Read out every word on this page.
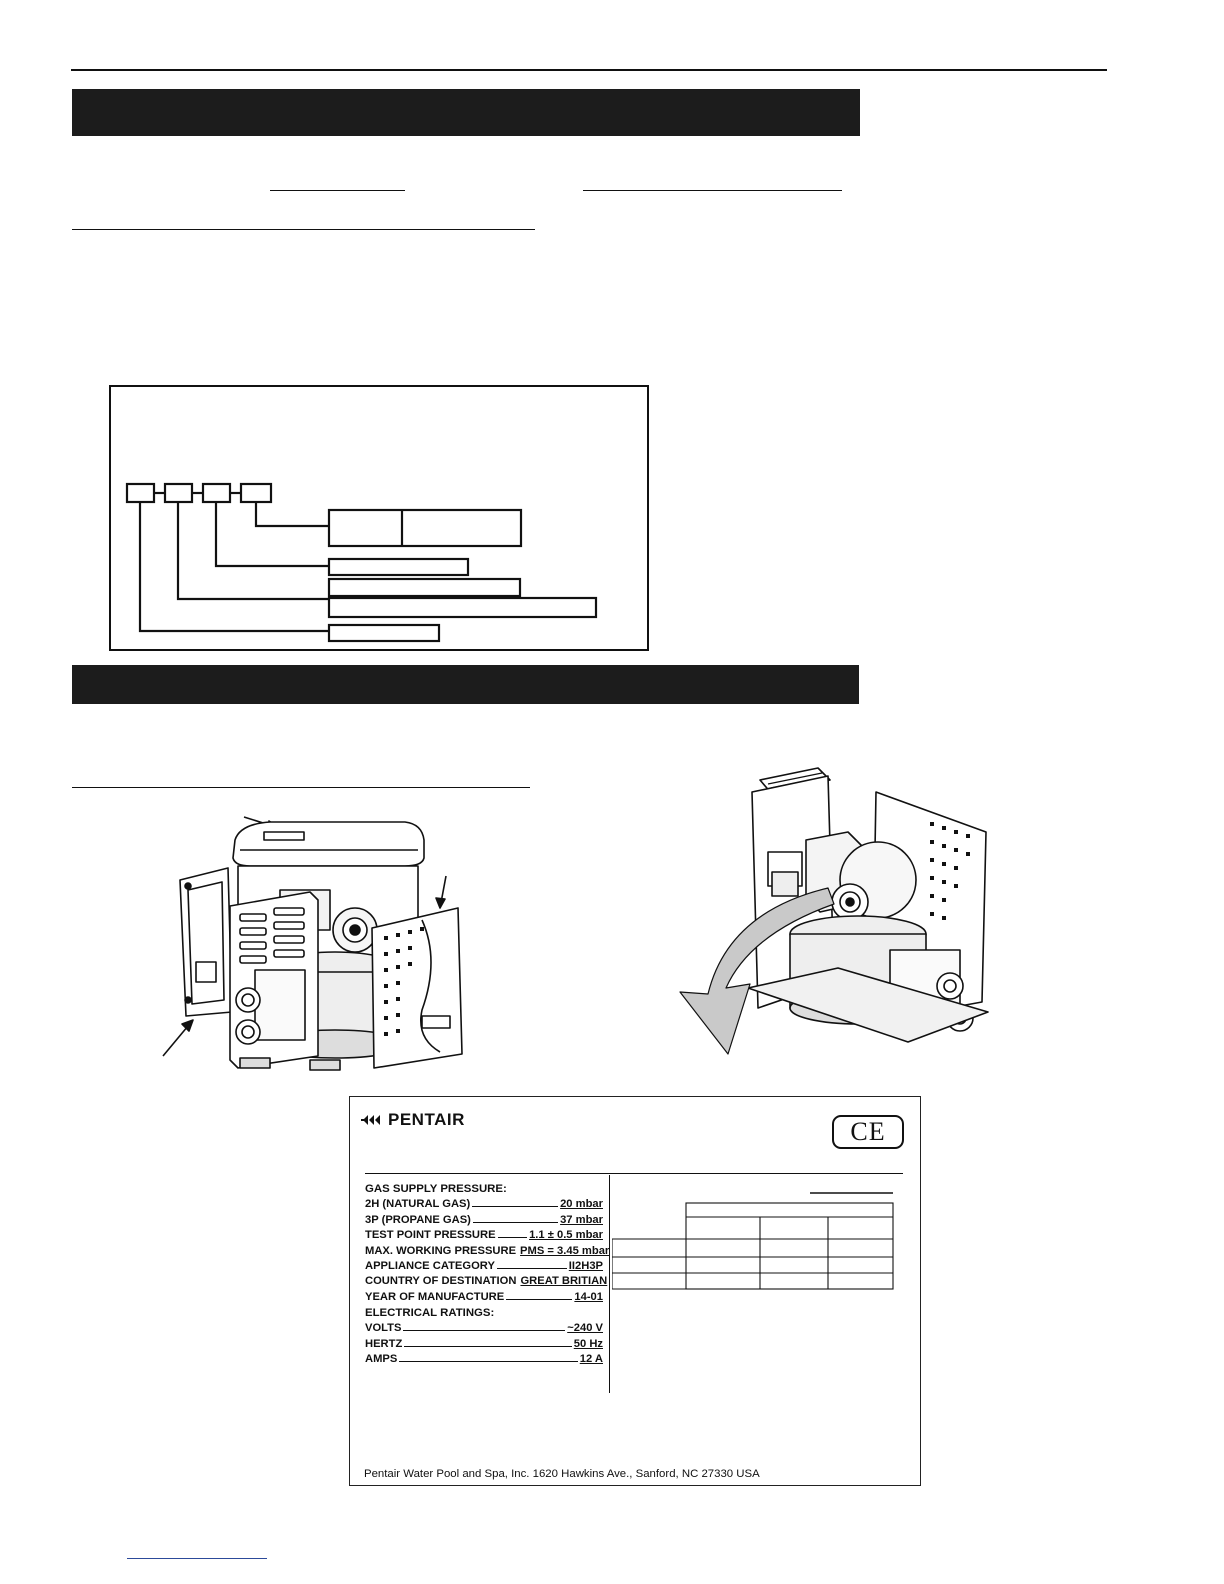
PENTAIR	CE
GAS SUPPLY PRESSURE:
2H (NATURAL GAS)	20 mbar
3P (PROPANE GAS)	37 mbar
TEST POINT PRESSURE	1.1 ± 0.5 mbar
MAX. WORKING PRESSURE PMS = 3.45 mbar
APPLIANCE CATEGORY	II2H3P
COUNTRY OF DESTINATION GREAT BRITIAN
YEAR OF MANUFACTURE	14-01
ELECTRICAL RATINGS:
VOLTS	~240 V
HERTZ	50 Hz
AMPS	12 A
Pentair Water Pool and Spa, Inc. 1620 Hawkins Ave., Sanford, NC 27330 USA
